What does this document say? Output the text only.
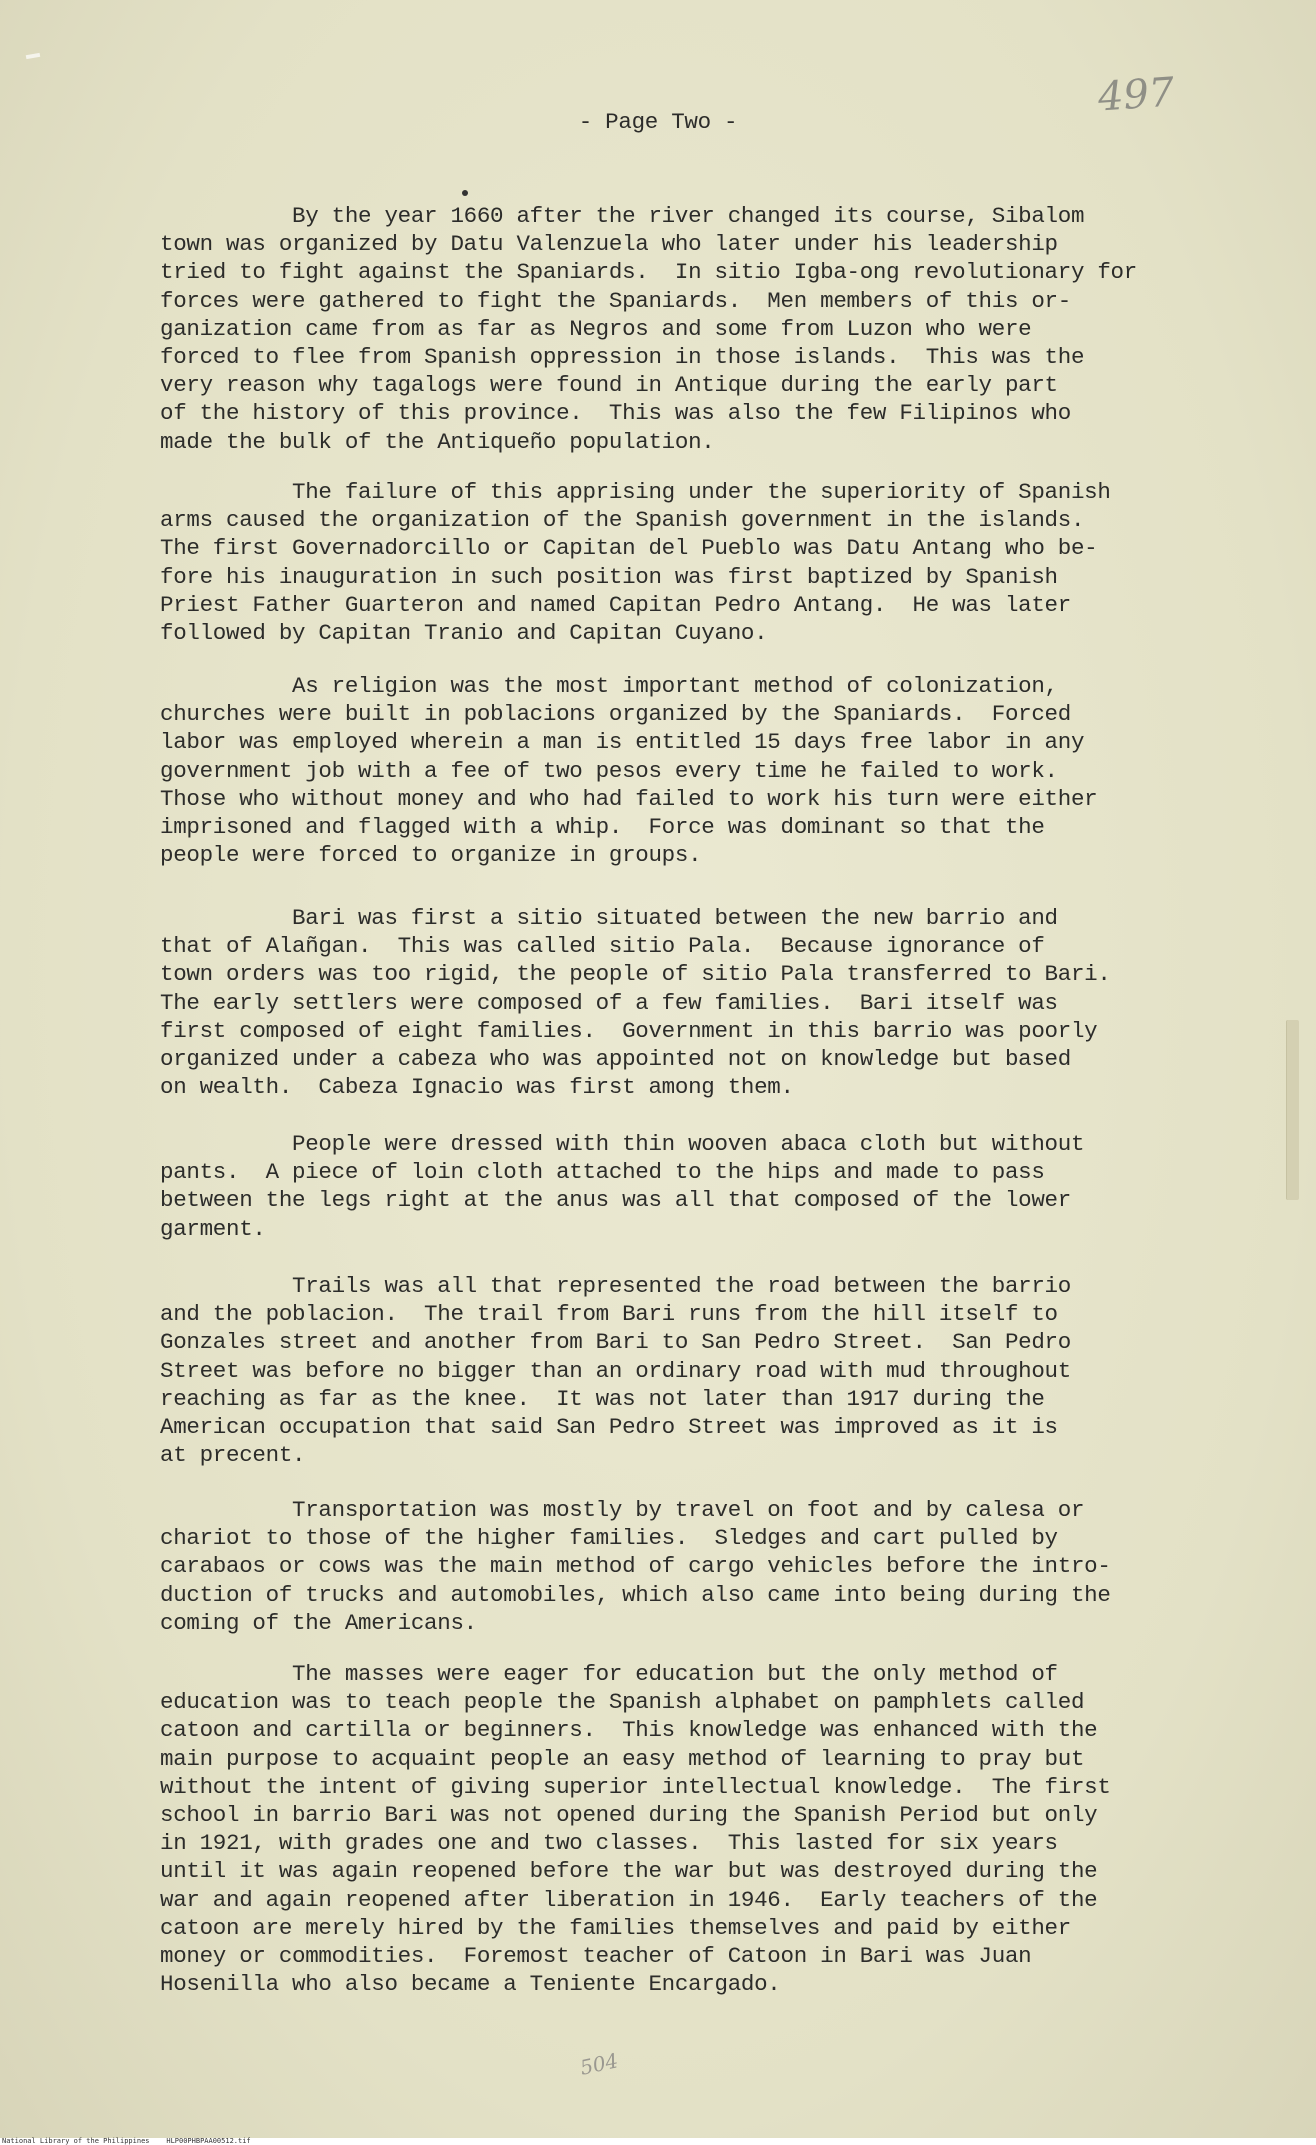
497
- Page Two -
By the year 1660 after the river changed its course, Sibalom
town was organized by Datu Valenzuela who later under his leadership
tried to fight against the Spaniards.  In sitio Igba-ong revolutionary for
forces were gathered to fight the Spaniards.  Men members of this or-
ganization came from as far as Negros and some from Luzon who were
forced to flee from Spanish oppression in those islands.  This was the
very reason why tagalogs were found in Antique during the early part
of the history of this province.  This was also the few Filipinos who
made the bulk of the Antiqueño population.
The failure of this apprising under the superiority of Spanish
arms caused the organization of the Spanish government in the islands.
The first Governadorcillo or Capitan del Pueblo was Datu Antang who be-
fore his inauguration in such position was first baptized by Spanish
Priest Father Guarteron and named Capitan Pedro Antang.  He was later
followed by Capitan Tranio and Capitan Cuyano.
As religion was the most important method of colonization,
churches were built in poblacions organized by the Spaniards.  Forced
labor was employed wherein a man is entitled 15 days free labor in any
government job with a fee of two pesos every time he failed to work.
Those who without money and who had failed to work his turn were either
imprisoned and flagged with a whip.  Force was dominant so that the
people were forced to organize in groups.
Bari was first a sitio situated between the new barrio and
that of Alañgan.  This was called sitio Pala.  Because ignorance of
town orders was too rigid, the people of sitio Pala transferred to Bari.
The early settlers were composed of a few families.  Bari itself was
first composed of eight families.  Government in this barrio was poorly
organized under a cabeza who was appointed not on knowledge but based
on wealth.  Cabeza Ignacio was first among them.
People were dressed with thin wooven abaca cloth but without
pants.  A piece of loin cloth attached to the hips and made to pass
between the legs right at the anus was all that composed of the lower
garment.
Trails was all that represented the road between the barrio
and the poblacion.  The trail from Bari runs from the hill itself to
Gonzales street and another from Bari to San Pedro Street.  San Pedro
Street was before no bigger than an ordinary road with mud throughout
reaching as far as the knee.  It was not later than 1917 during the
American occupation that said San Pedro Street was improved as it is
at precent.
Transportation was mostly by travel on foot and by calesa or
chariot to those of the higher families.  Sledges and cart pulled by
carabaos or cows was the main method of cargo vehicles before the intro-
duction of trucks and automobiles, which also came into being during the
coming of the Americans.
The masses were eager for education but the only method of
education was to teach people the Spanish alphabet on pamphlets called
catoon and cartilla or beginners.  This knowledge was enhanced with the
main purpose to acquaint people an easy method of learning to pray but
without the intent of giving superior intellectual knowledge.  The first
school in barrio Bari was not opened during the Spanish Period but only
in 1921, with grades one and two classes.  This lasted for six years
until it was again reopened before the war but was destroyed during the
war and again reopened after liberation in 1946.  Early teachers of the
catoon are merely hired by the families themselves and paid by either
money or commodities.  Foremost teacher of Catoon in Bari was Juan
Hosenilla who also became a Teniente Encargado.
504
National Library of the Philippines    HLP00PHBPAA00512.tif
